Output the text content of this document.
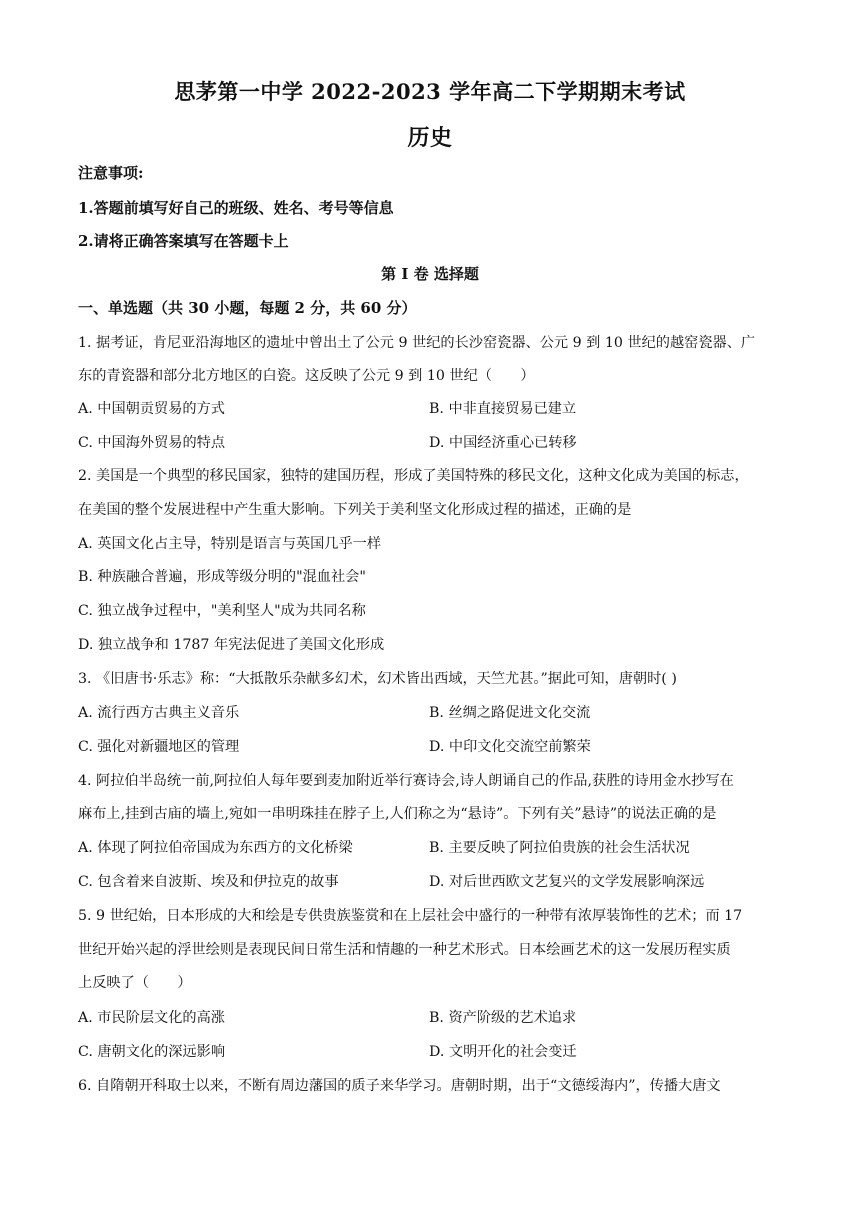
思茅第一中学 2022-2023 学年高二下学期期末考试
历史
注意事项:
1.答题前填写好自己的班级、姓名、考号等信息
2.请将正确答案填写在答题卡上
第 I 卷 选择题
一、单选题（共 30 小题，每题 2 分，共 60 分）
1. 据考证，肯尼亚沿海地区的遗址中曾出土了公元 9 世纪的长沙窑瓷器、公元 9 到 10 世纪的越窑瓷器、广
东的青瓷器和部分北方地区的白瓷。这反映了公元 9 到 10 世纪（　　）
A. 中国朝贡贸易的方式	B. 中非直接贸易已建立
C. 中国海外贸易的特点	D. 中国经济重心已转移
2. 美国是一个典型的移民国家，独特的建国历程，形成了美国特殊的移民文化，这种文化成为美国的标志，
在美国的整个发展进程中产生重大影响。下列关于美利坚文化形成过程的描述，正确的是
A. 英国文化占主导，特别是语言与英国几乎一样
B. 种族融合普遍，形成等级分明的"混血社会"
C. 独立战争过程中，"美利坚人"成为共同名称
D. 独立战争和 1787 年宪法促进了美国文化形成
3. 《旧唐书·乐志》称：“大抵散乐杂献多幻术，幻术皆出西域，天竺尤甚。”据此可知，唐朝时( )
A. 流行西方古典主义音乐	B. 丝绸之路促进文化交流
C. 强化对新疆地区的管理	D. 中印文化交流空前繁荣
4. 阿拉伯半岛统一前,阿拉伯人每年要到麦加附近举行赛诗会,诗人朗诵自己的作品,获胜的诗用金水抄写在
麻布上,挂到古庙的墙上,宛如一串明珠挂在脖子上,人们称之为“悬诗”。下列有关”悬诗”的说法正确的是
A. 体现了阿拉伯帝国成为东西方的文化桥梁	B. 主要反映了阿拉伯贵族的社会生活状况
C. 包含着来自波斯、埃及和伊拉克的故事	D. 对后世西欧文艺复兴的文学发展影响深远
5. 9 世纪始，日本形成的大和绘是专供贵族鉴赏和在上层社会中盛行的一种带有浓厚装饰性的艺术；而 17
世纪开始兴起的浮世绘则是表现民间日常生活和情趣的一种艺术形式。日本绘画艺术的这一发展历程实质
上反映了（　　）
A. 市民阶层文化的高涨	B. 资产阶级的艺术追求
C. 唐朝文化的深远影响	D. 文明开化的社会变迁
6. 自隋朝开科取士以来，不断有周边藩国的质子来华学习。唐朝时期，出于“文德绥海内”，传播大唐文
